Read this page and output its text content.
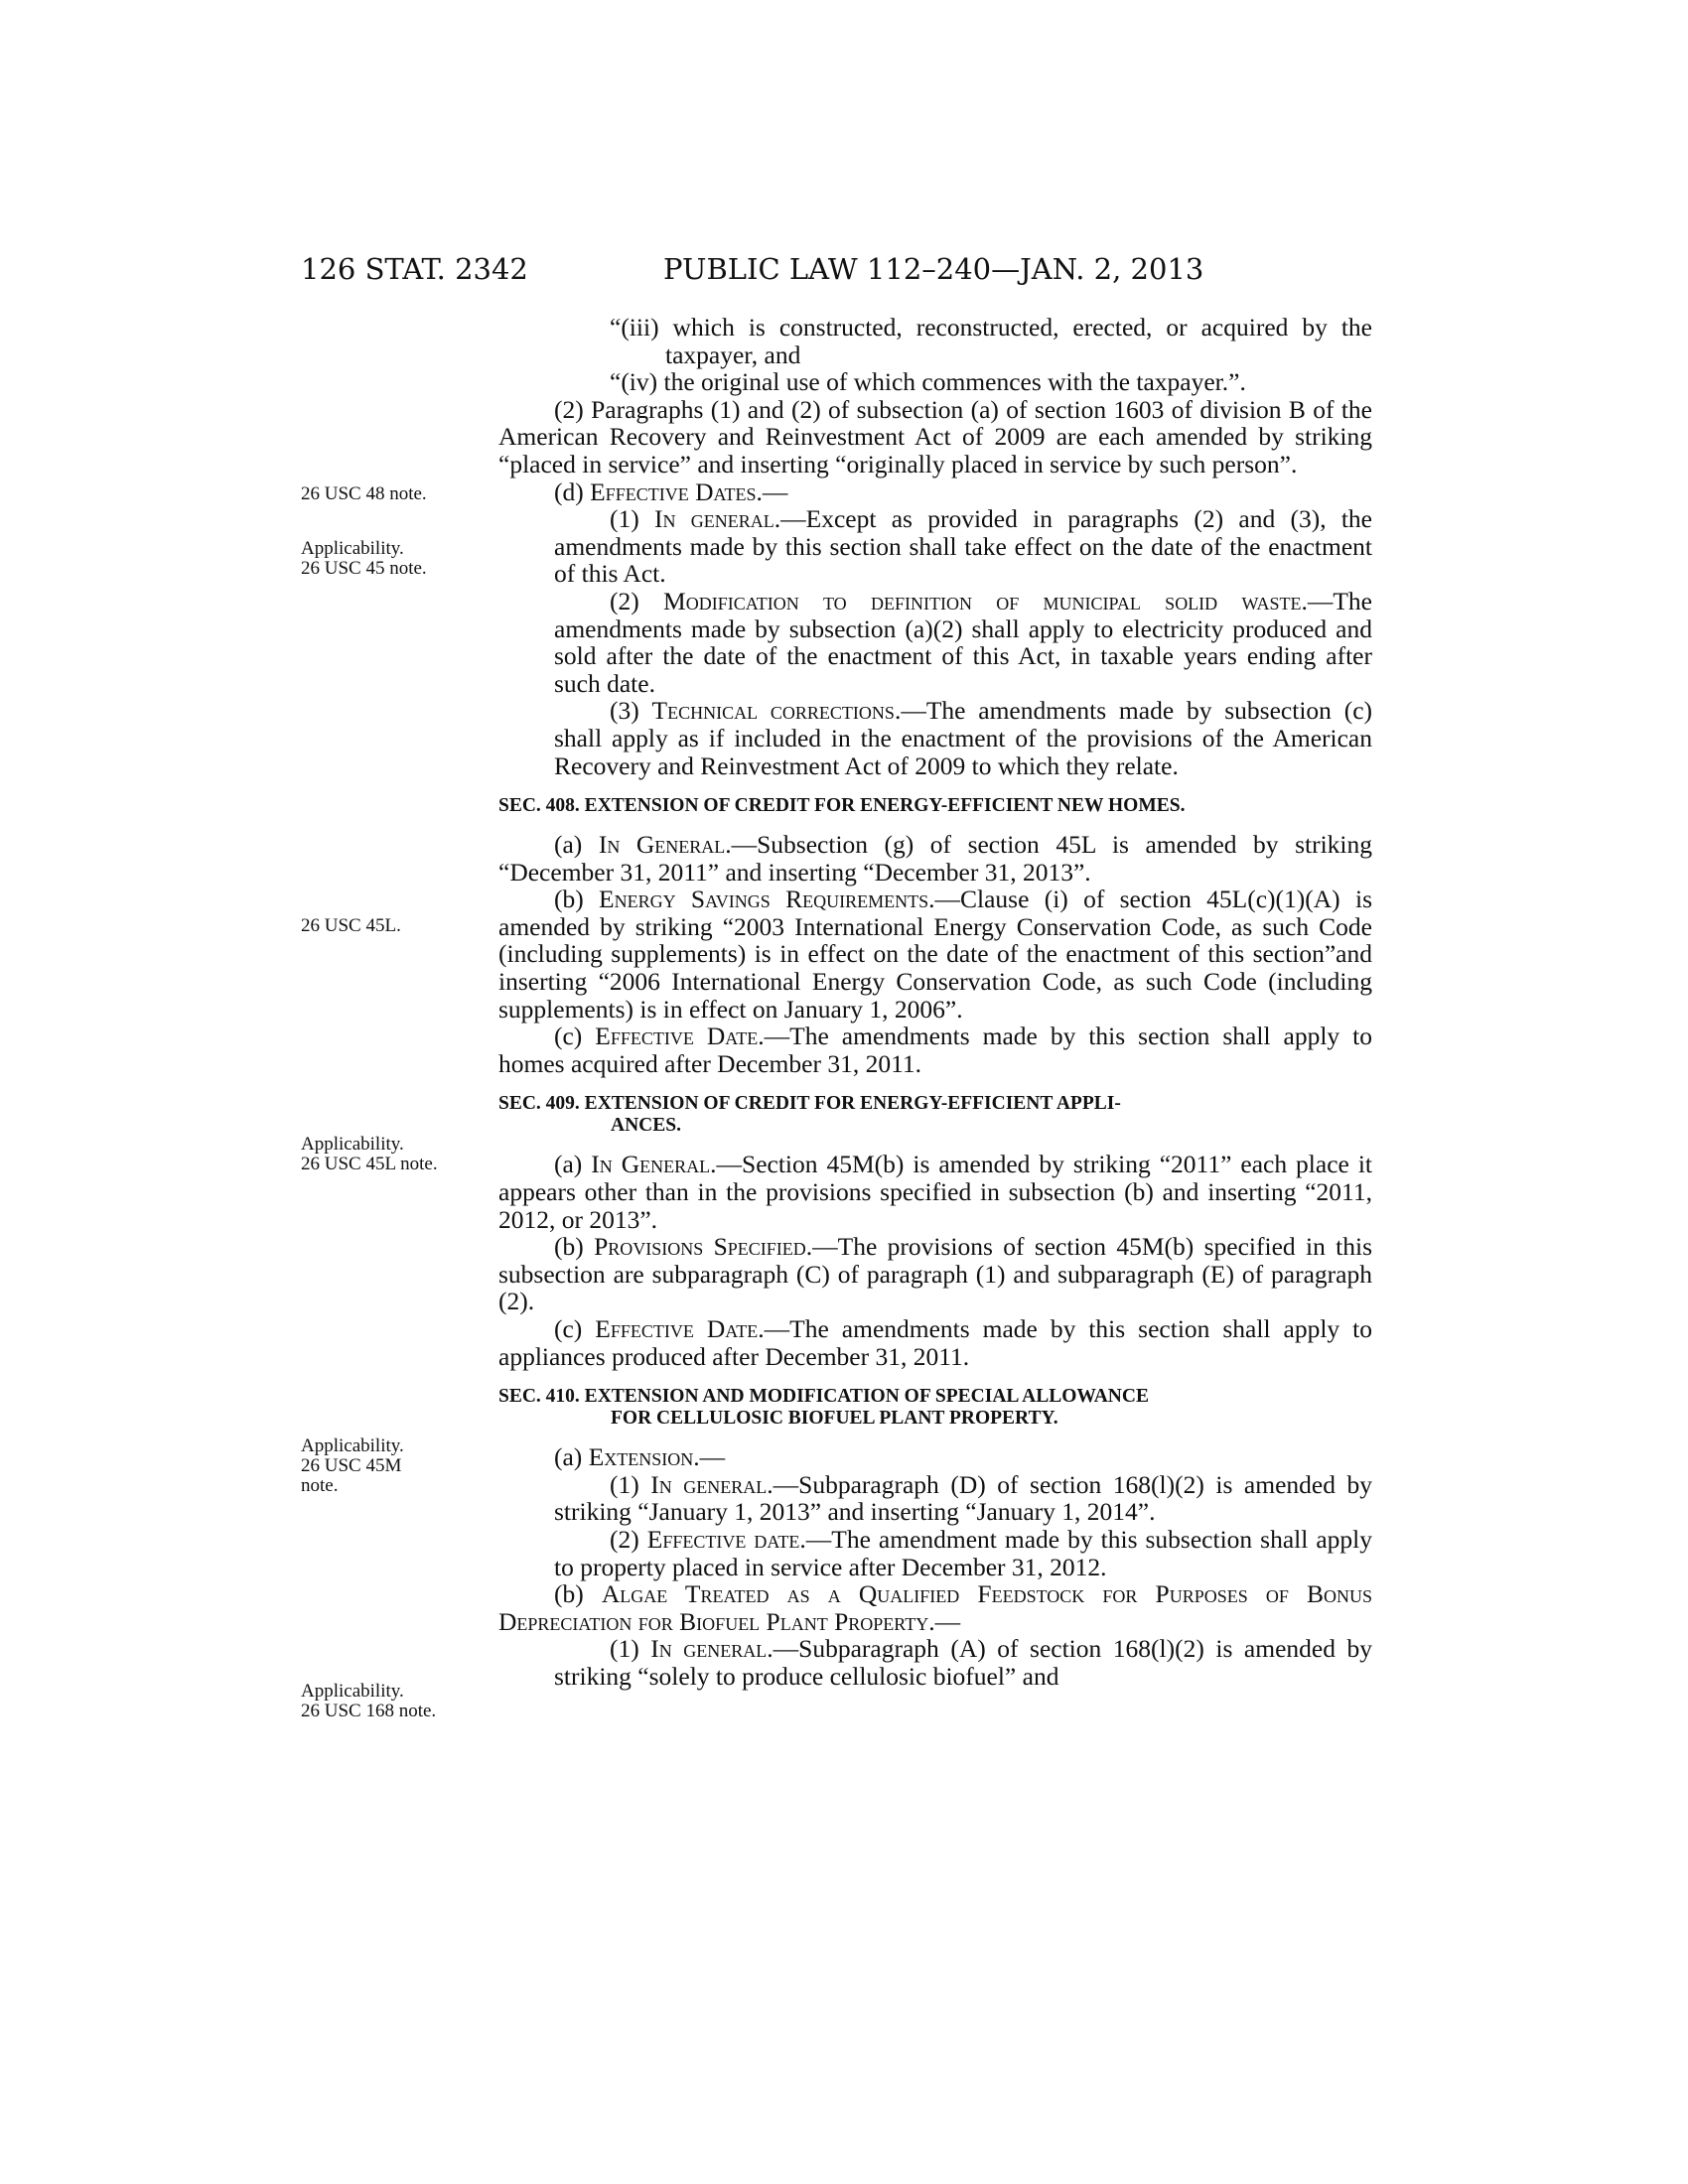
126 STAT. 2342	PUBLIC LAW 112–240—JAN. 2, 2013
26 USC 48 note.
Applicability.
26 USC 45 note.
26 USC 45L.
Applicability.
26 USC 45L note.
Applicability.
26 USC 45M
note.
Applicability.
26 USC 168 note.

“(iii) which is constructed, reconstructed, erected, or acquired by the taxpayer, and

“(iv) the original use of which commences with the taxpayer.”.

(2) Paragraphs (1) and (2) of subsection (a) of section 1603 of division B of the American Recovery and Reinvestment Act of 2009 are each amended by striking “placed in service” and inserting “originally placed in service by such person”.

(d) Effective Dates.—

(1) In general.—Except as provided in paragraphs (2) and (3), the amendments made by this section shall take effect on the date of the enactment of this Act.

(2) Modification to definition of municipal solid waste.—The amendments made by subsection (a)(2) shall apply to electricity produced and sold after the date of the enactment of this Act, in taxable years ending after such date.

(3) Technical corrections.—The amendments made by subsection (c) shall apply as if included in the enactment of the provisions of the American Recovery and Reinvestment Act of 2009 to which they relate.

SEC. 408. EXTENSION OF CREDIT FOR ENERGY-EFFICIENT NEW HOMES.

(a) In General.—Subsection (g) of section 45L is amended by striking “December 31, 2011” and inserting “December 31, 2013”.

(b) Energy Savings Requirements.—Clause (i) of section 45L(c)(1)(A) is amended by striking “2003 International Energy Conservation Code, as such Code (including supplements) is in effect on the date of the enactment of this section”and inserting “2006 International Energy Conservation Code, as such Code (including supplements) is in effect on January 1, 2006”.

(c) Effective Date.—The amendments made by this section shall apply to homes acquired after December 31, 2011.

SEC. 409. EXTENSION OF CREDIT FOR ENERGY-EFFICIENT APPLI-
ANCES.

(a) In General.—Section 45M(b) is amended by striking “2011” each place it appears other than in the provisions specified in subsection (b) and inserting “2011, 2012, or 2013”.

(b) Provisions Specified.—The provisions of section 45M(b) specified in this subsection are subparagraph (C) of paragraph (1) and subparagraph (E) of paragraph (2).

(c) Effective Date.—The amendments made by this section shall apply to appliances produced after December 31, 2011.

SEC. 410. EXTENSION AND MODIFICATION OF SPECIAL ALLOWANCE
FOR CELLULOSIC BIOFUEL PLANT PROPERTY.

(a) Extension.—

(1) In general.—Subparagraph (D) of section 168(l)(2) is amended by striking “January 1, 2013” and inserting “January 1, 2014”.

(2) Effective date.—The amendment made by this subsection shall apply to property placed in service after December 31, 2012.

(b) Algae Treated as a Qualified Feedstock for Purposes of Bonus Depreciation for Biofuel Plant Property.—

(1) In general.—Subparagraph (A) of section 168(l)(2) is amended by striking “solely to produce cellulosic biofuel” and
